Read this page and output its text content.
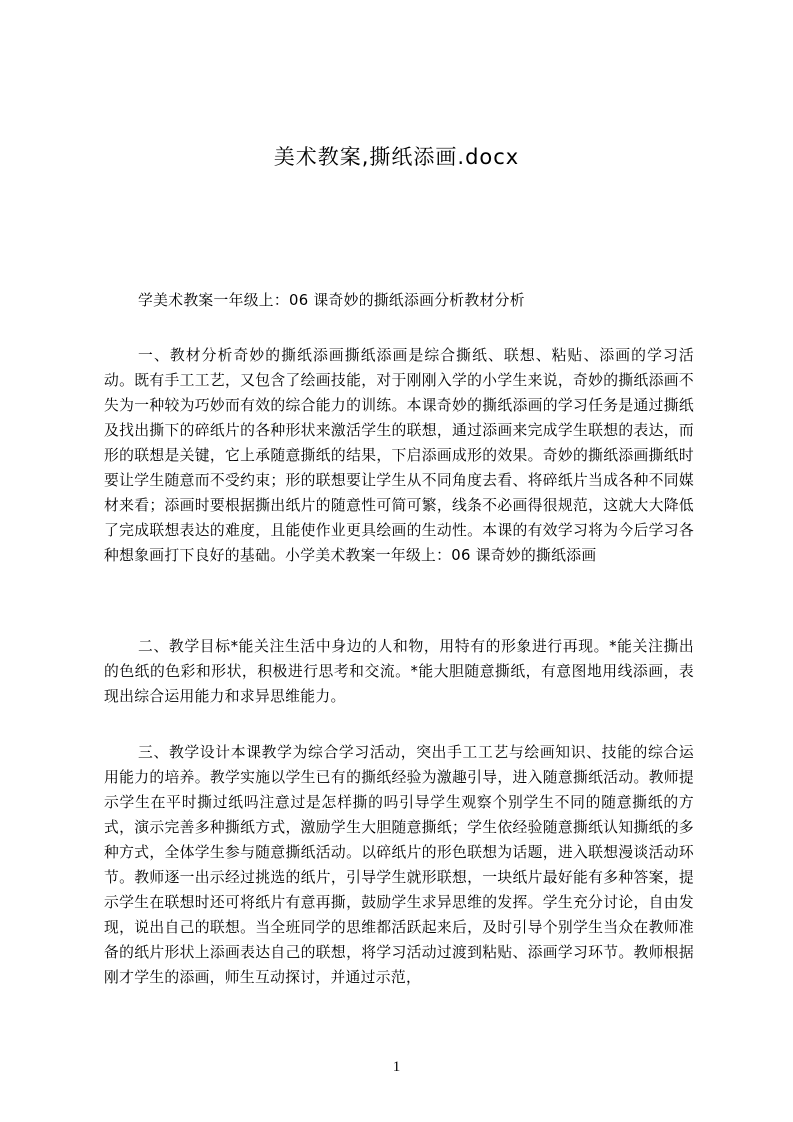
美术教案,撕纸添画.docx

学美术教案一年级上：06 课奇妙的撕纸添画分析教材分析

一、教材分析奇妙的撕纸添画撕纸添画是综合撕纸、联想、粘贴、添画的学习活动。既有手工工艺，又包含了绘画技能，对于刚刚入学的小学生来说，奇妙的撕纸添画不失为一种较为巧妙而有效的综合能力的训练。本课奇妙的撕纸添画的学习任务是通过撕纸及找出撕下的碎纸片的各种形状来激活学生的联想，通过添画来完成学生联想的表达，而形的联想是关键，它上承随意撕纸的结果，下启添画成形的效果。奇妙的撕纸添画撕纸时要让学生随意而不受约束；形的联想要让学生从不同角度去看、将碎纸片当成各种不同媒材来看；添画时要根据撕出纸片的随意性可简可繁，线条不必画得很规范，这就大大降低了完成联想表达的难度，且能使作业更具绘画的生动性。本课的有效学习将为今后学习各种想象画打下良好的基础。小学美术教案一年级上：06 课奇妙的撕纸添画

二、教学目标*能关注生活中身边的人和物，用特有的形象进行再现。*能关注撕出的色纸的色彩和形状，积极进行思考和交流。*能大胆随意撕纸，有意图地用线添画，表现出综合运用能力和求异思维能力。

三、教学设计本课教学为综合学习活动，突出手工工艺与绘画知识、技能的综合运用能力的培养。教学实施以学生已有的撕纸经验为激趣引导，进入随意撕纸活动。教师提示学生在平时撕过纸吗注意过是怎样撕的吗引导学生观察个别学生不同的随意撕纸的方式，演示完善多种撕纸方式，激励学生大胆随意撕纸；学生依经验随意撕纸认知撕纸的多种方式，全体学生参与随意撕纸活动。以碎纸片的形色联想为话题，进入联想漫谈活动环节。教师逐一出示经过挑选的纸片，引导学生就形联想，一块纸片最好能有多种答案，提示学生在联想时还可将纸片有意再撕，鼓励学生求异思维的发挥。学生充分讨论，自由发现，说出自己的联想。当全班同学的思维都活跃起来后，及时引导个别学生当众在教师准备的纸片形状上添画表达自己的联想，将学习活动过渡到粘贴、添画学习环节。教师根据刚才学生的添画，师生互动探讨，并通过示范，

1
